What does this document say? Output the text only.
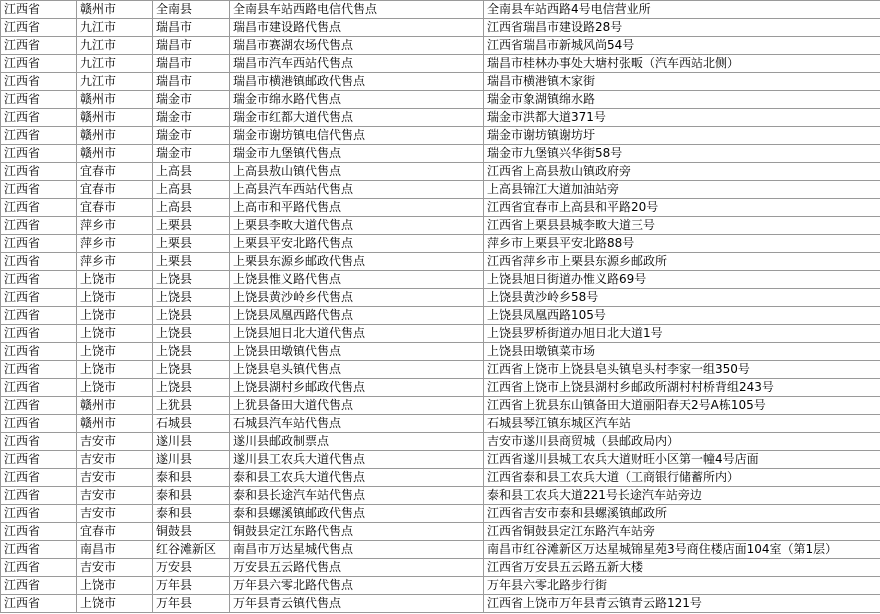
江西省	赣州市	全南县	全南县车站西路电信代售点	全南县车站西路4号电信营业所
江西省	九江市	瑞昌市	瑞昌市建设路代售点	江西省瑞昌市建设路28号
江西省	九江市	瑞昌市	瑞昌市赛湖农场代售点	江西省瑞昌市新城风尚54号
江西省	九江市	瑞昌市	瑞昌市汽车西站代售点	瑞昌市桂林办事处大塘村张畈（汽车西站北侧）
江西省	九江市	瑞昌市	瑞昌市横港镇邮政代售点	瑞昌市横港镇木家街
江西省	赣州市	瑞金市	瑞金市绵水路代售点	瑞金市象湖镇绵水路
江西省	赣州市	瑞金市	瑞金市红都大道代售点	瑞金市洪都大道371号
江西省	赣州市	瑞金市	瑞金市谢坊镇电信代售点	瑞金市谢坊镇谢坊圩
江西省	赣州市	瑞金市	瑞金市九堡镇代售点	瑞金市九堡镇兴华街58号
江西省	宜春市	上高县	上高县敖山镇代售点	江西省上高县敖山镇政府旁
江西省	宜春市	上高县	上高县汽车西站代售点	上高县锦江大道加油站旁
江西省	宜春市	上高县	上高市和平路代售点	江西省宜春市上高县和平路20号
江西省	萍乡市	上栗县	上栗县李畋大道代售点	江西省上栗县县城李畋大道三号
江西省	萍乡市	上栗县	上栗县平安北路代售点	萍乡市上栗县平安北路88号
江西省	萍乡市	上栗县	上栗县东源乡邮政代售点	江西省萍乡市上栗县东源乡邮政所
江西省	上饶市	上饶县	上饶县惟义路代售点	上饶县旭日街道办惟义路69号
江西省	上饶市	上饶县	上饶县黄沙岭乡代售点	上饶县黄沙岭乡58号
江西省	上饶市	上饶县	上饶县凤凰西路代售点	上饶县凤凰西路105号
江西省	上饶市	上饶县	上饶县旭日北大道代售点	上饶县罗桥街道办旭日北大道1号
江西省	上饶市	上饶县	上饶县田墩镇代售点	上饶县田墩镇菜市场
江西省	上饶市	上饶县	上饶县皂头镇代售点	江西省上饶市上饶县皂头镇皂头村李家一组350号
江西省	上饶市	上饶县	上饶县湖村乡邮政代售点	江西省上饶市上饶县湖村乡邮政所湖村村桥背组243号
江西省	赣州市	上犹县	上犹县备田大道代售点	江西省上犹县东山镇备田大道丽阳春天2号A栋105号
江西省	赣州市	石城县	石城县汽车站代售点	石城县琴江镇东城区汽车站
江西省	吉安市	遂川县	遂川县邮政制票点	吉安市遂川县商贸城（县邮政局内）
江西省	吉安市	遂川县	遂川县工农兵大道代售点	江西省遂川县城工农兵大道财旺小区第一幢4号店面
江西省	吉安市	泰和县	泰和县工农兵大道代售点	江西省泰和县工农兵大道（工商银行储蓄所内）
江西省	吉安市	泰和县	泰和县长途汽车站代售点	泰和县工农兵大道221号长途汽车站旁边
江西省	吉安市	泰和县	泰和县螺溪镇邮政代售点	江西省吉安市泰和县螺溪镇邮政所
江西省	宜春市	铜鼓县	铜鼓县定江东路代售点	江西省铜鼓县定江东路汽车站旁
江西省	南昌市	红谷滩新区	南昌市万达星城代售点	南昌市红谷滩新区万达星城锦星苑3号商住楼店面104室（第1层）
江西省	吉安市	万安县	万安县五云路代售点	江西省万安县五云路五新大楼
江西省	上饶市	万年县	万年县六零北路代售点	万年县六零北路步行街
江西省	上饶市	万年县	万年县青云镇代售点	江西省上饶市万年县青云镇青云路121号
